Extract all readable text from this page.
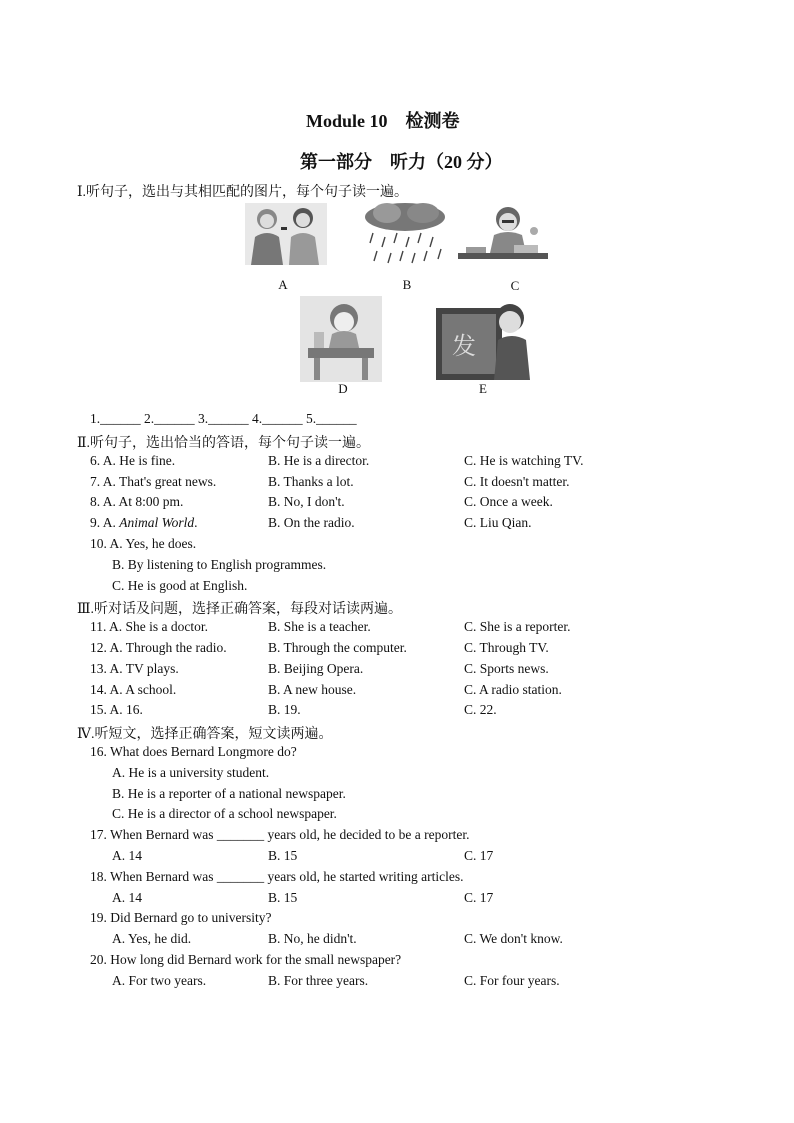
Module 10　检测卷
第一部分　听力（20 分）
Ⅰ.听句子，选出与其相匹配的图片，每个句子读一遍。
A	B	C
D
发
E
1.______ 2.______ 3.______ 4.______ 5.______
Ⅱ.听句子，选出恰当的答语，每个句子读一遍。
6. A. He is fine.	B. He is a director.	C. He is watching TV.
7. A. That's great news.	B. Thanks a lot.	C. It doesn't matter.
8. A. At 8:00 pm.	B. No, I don't.	C. Once a week.
9. A. Animal World.	B. On the radio.	C. Liu Qian.
10. A. Yes, he does.
B. By listening to English programmes.
C. He is good at English.
Ⅲ.听对话及问题，选择正确答案，每段对话读两遍。
11. A. She is a doctor.	B. She is a teacher.	C. She is a reporter.
12. A. Through the radio.	B. Through the computer.	C. Through TV.
13. A. TV plays.	B. Beijing Opera.	C. Sports news.
14. A. A school.	B. A new house.	C. A radio station.
15. A. 16.	B. 19.	C. 22.
Ⅳ.听短文，选择正确答案，短文读两遍。
16. What does Bernard Longmore do?
A. He is a university student.
B. He is a reporter of a national newspaper.
C. He is a director of a school newspaper.
17. When Bernard was _______ years old, he decided to be a reporter.
A. 14	B. 15	C. 17
18. When Bernard was _______ years old, he started writing articles.
A. 14	B. 15	C. 17
19. Did Bernard go to university?
A. Yes, he did.	B. No, he didn't.	C. We don't know.
20. How long did Bernard work for the small newspaper?
A. For two years.	B. For three years.	C. For four years.
